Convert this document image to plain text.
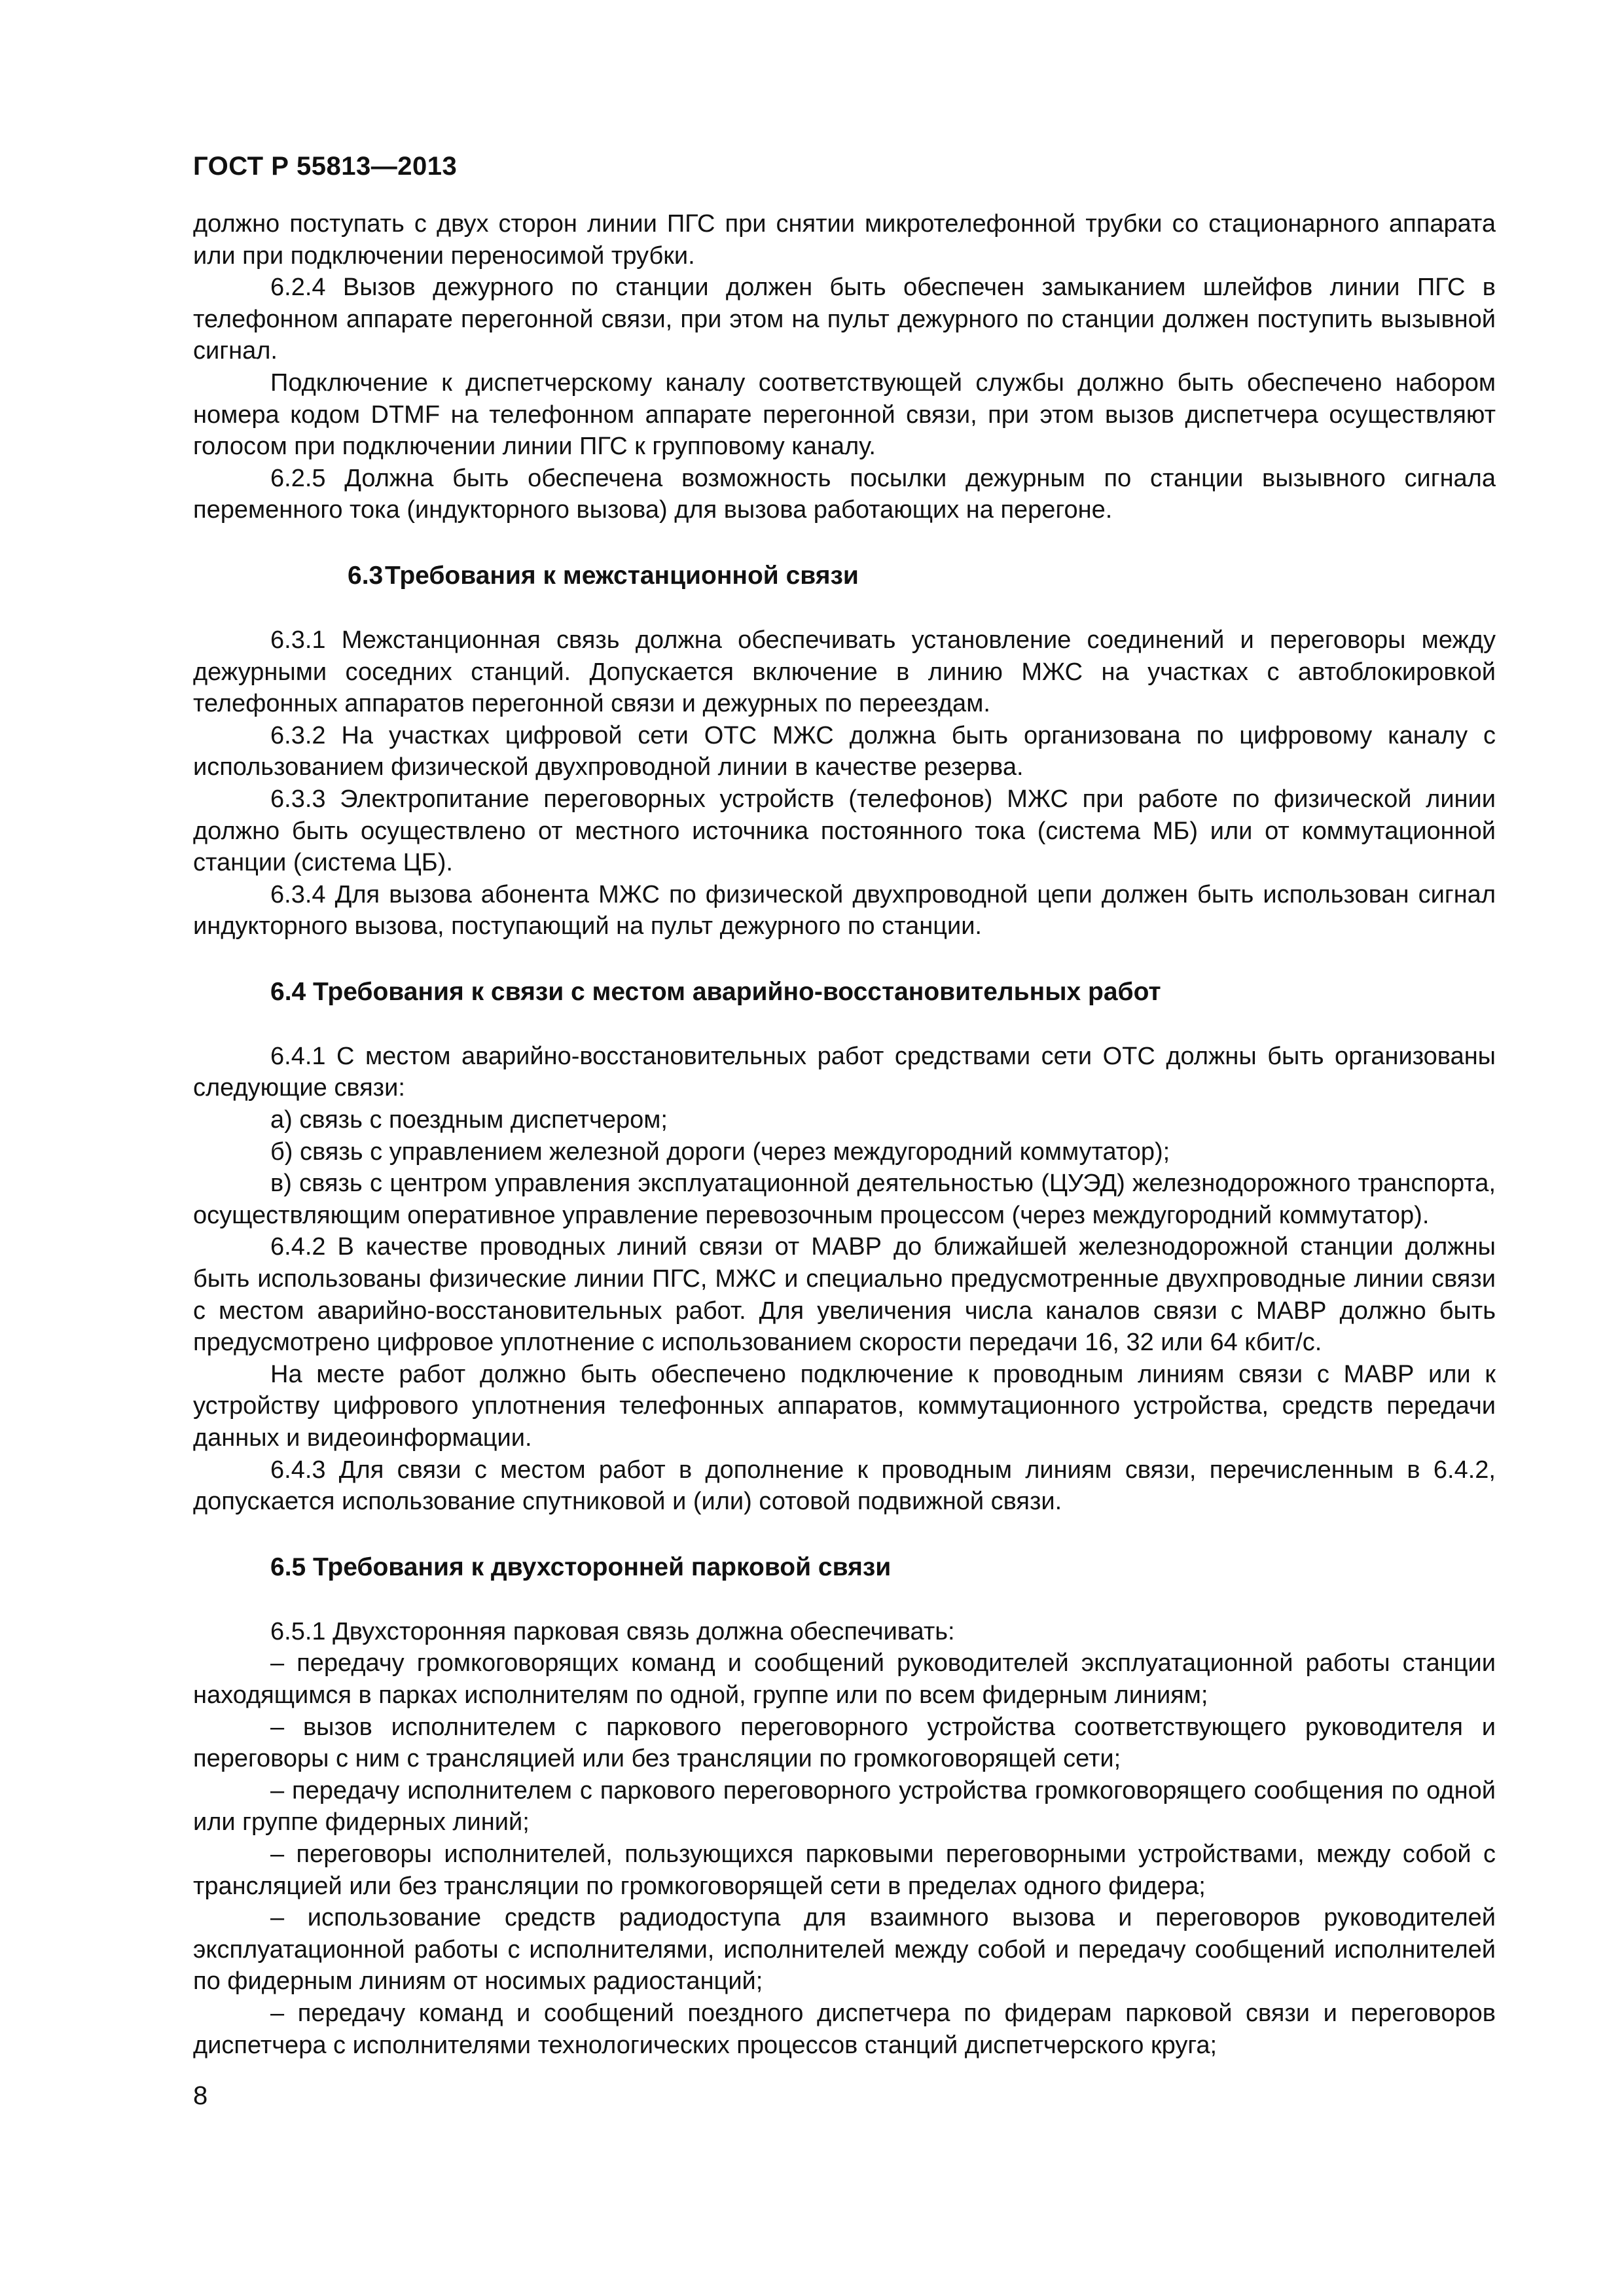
ГОСТ Р 55813—2013

должно поступать с двух сторон линии ПГС при снятии микротелефонной трубки со стационарного аппарата или при подключении переносимой трубки.

6.2.4 Вызов дежурного по станции должен быть обеспечен замыканием шлейфов линии ПГС в телефонном аппарате перегонной связи, при этом на пульт дежурного по станции должен поступить вызывной сигнал.

Подключение к диспетчерскому каналу соответствующей службы должно быть обеспечено набором номера кодом DTMF на телефонном аппарате перегонной связи, при этом вызов диспетчера осуществляют голосом при подключении линии ПГС к групповому каналу.

6.2.5 Должна быть обеспечена возможность посылки дежурным по станции вызывного сигнала переменного тока (индукторного вызова) для вызова работающих на перегоне.

6.3Требования к межстанционной связи

6.3.1 Межстанционная связь должна обеспечивать установление соединений и переговоры между дежурными соседних станций. Допускается включение в линию МЖС на участках с автоблокировкой телефонных аппаратов перегонной связи и дежурных по переездам.

6.3.2 На участках цифровой сети ОТС МЖС должна быть организована по цифровому каналу с использованием физической двухпроводной линии в качестве резерва.

6.3.3 Электропитание переговорных устройств (телефонов) МЖС при работе по физической линии должно быть осуществлено от местного источника постоянного тока (система МБ) или от коммутационной станции (система ЦБ).

6.3.4 Для вызова абонента МЖС по физической двухпроводной цепи должен быть использован сигнал индукторного вызова, поступающий на пульт дежурного по станции.

6.4 Требования к связи с местом аварийно-восстановительных работ

6.4.1 С местом аварийно-восстановительных работ средствами сети ОТС должны быть организованы следующие связи:

а) связь с поездным диспетчером;

б) связь с управлением железной дороги (через междугородний коммутатор);

в) связь с центром управления эксплуатационной деятельностью (ЦУЭД) железнодорожного транспорта, осуществляющим оперативное управление перевозочным процессом (через междугородний коммутатор).

6.4.2 В качестве проводных линий связи от МАВР до ближайшей железнодорожной станции должны быть использованы физические линии ПГС, МЖС и специально предусмотренные двухпроводные линии связи с местом аварийно-восстановительных работ. Для увеличения числа каналов связи с МАВР должно быть предусмотрено цифровое уплотнение с использованием скорости передачи 16, 32 или 64 кбит/с.

На месте работ должно быть обеспечено подключение к проводным линиям связи с МАВР или к устройству цифрового уплотнения телефонных аппаратов, коммутационного устройства, средств передачи данных и видеоинформации.

6.4.3 Для связи с местом работ в дополнение к проводным линиям связи, перечисленным в 6.4.2, допускается использование спутниковой и (или) сотовой подвижной связи.

6.5 Требования к двухсторонней парковой связи

6.5.1 Двухсторонняя парковая связь должна обеспечивать:

– передачу громкоговорящих команд и сообщений руководителей эксплуатационной работы станции находящимся в парках исполнителям по одной, группе или по всем фидерным линиям;

– вызов исполнителем с паркового переговорного устройства соответствующего руководителя и переговоры с ним с трансляцией или без трансляции по громкоговорящей сети;

– передачу исполнителем с паркового переговорного устройства громкоговорящего сообщения по одной или группе фидерных линий;

– переговоры исполнителей, пользующихся парковыми переговорными устройствами, между собой с трансляцией или без трансляции по громкоговорящей сети в пределах одного фидера;

– использование средств радиодоступа для взаимного вызова и переговоров руководителей эксплуатационной работы с исполнителями, исполнителей между собой и передачу сообщений исполнителей по фидерным линиям от носимых радиостанций;

– передачу команд и сообщений поездного диспетчера по фидерам парковой связи и переговоров диспетчера с исполнителями технологических процессов станций диспетчерского круга;

8
